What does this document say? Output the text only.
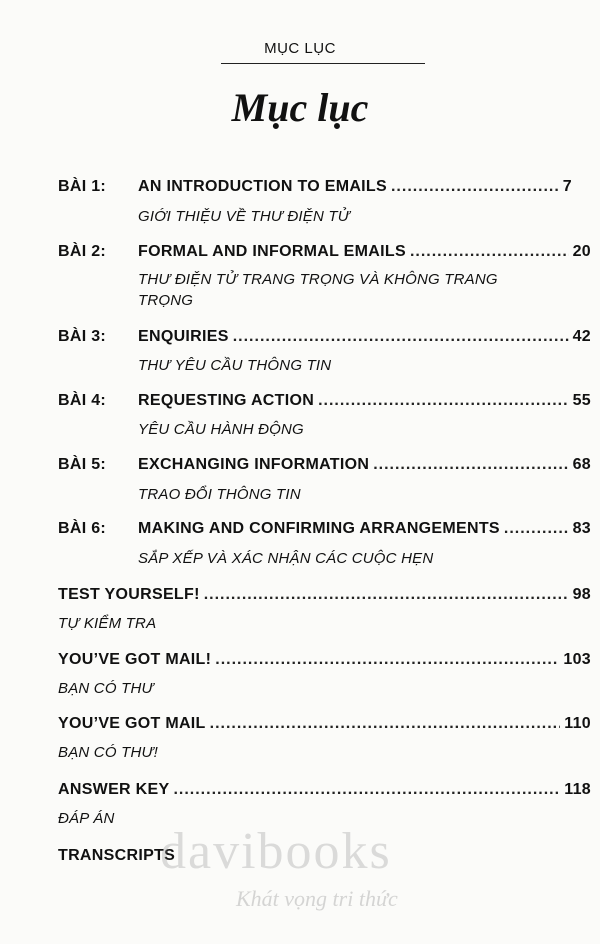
MỤC LỤC
Mục lục
BÀI 1:	AN INTRODUCTION TO EMAILS .....	7
GIỚI THIỆU VỀ THƯ ĐIỆN TỬ
BÀI 2:	FORMAL AND INFORMAL EMAILS .....	20
THƯ ĐIỆN TỬ TRANG TRỌNG VÀ KHÔNG TRANG TRỌNG
BÀI 3:	ENQUIRIES .....	42
THƯ YÊU CẦU THÔNG TIN
BÀI 4:	REQUESTING ACTION .....	55
YÊU CẦU HÀNH ĐỘNG
BÀI 5:	EXCHANGING INFORMATION .....	68
TRAO ĐỔI THÔNG TIN
BÀI 6:	MAKING AND CONFIRMING ARRANGEMENTS .....	83
SẮP XẾP VÀ XÁC NHẬN CÁC CUỘC HẸN
TEST YOURSELF! .....	98
TỰ KIỂM TRA
YOU’VE GOT MAIL! .....	103
BẠN CÓ THƯ
YOU’VE GOT MAIL .....	110
BẠN CÓ THƯ!
ANSWER KEY .....	118
ĐÁP ÁN
TRANSCRIPTS
davibooks
Khát vọng tri thức
